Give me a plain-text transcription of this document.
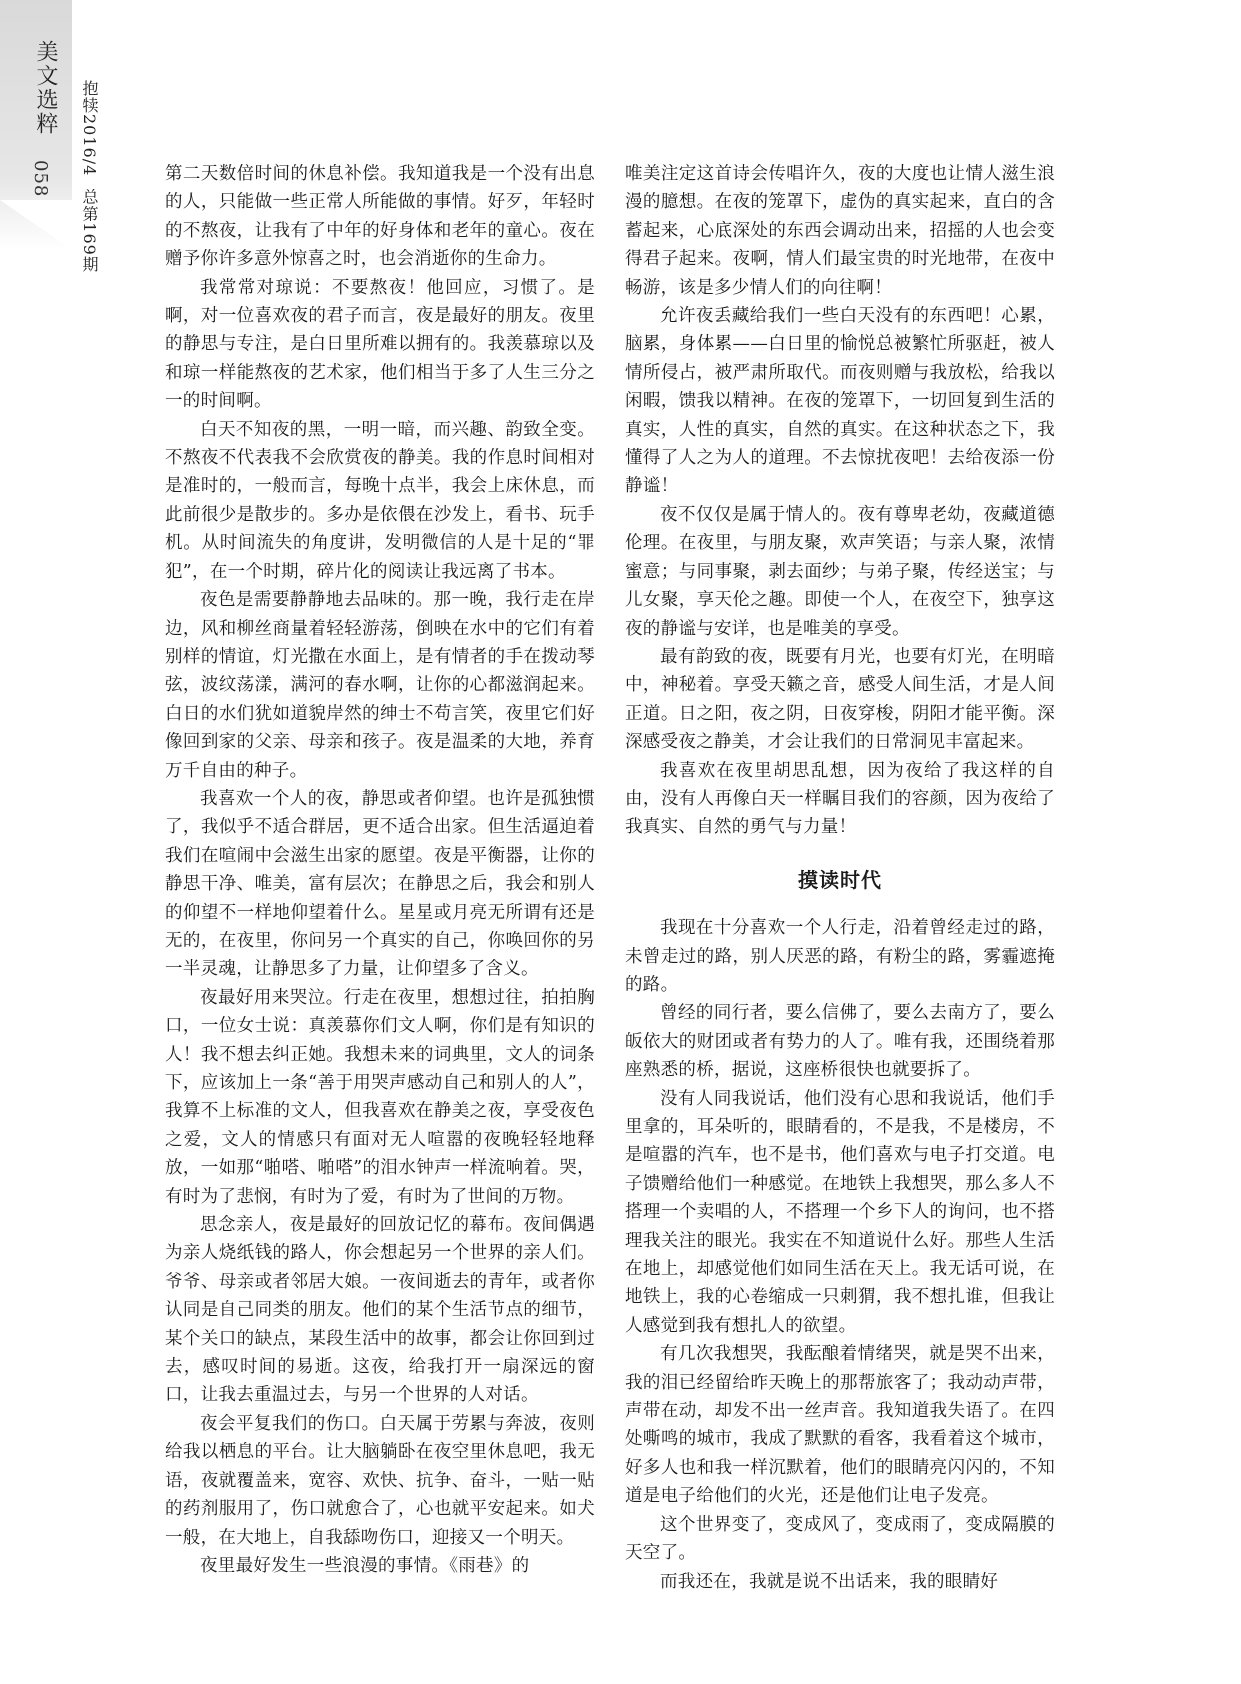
美文选粹
058
抱犊2016/4总第169期

第二天数倍时间的休息补偿。我知道我是一个没有出息的人，只能做一些正常人所能做的事情。好歹，年轻时的不熬夜，让我有了中年的好身体和老年的童心。夜在赠予你许多意外惊喜之时，也会消逝你的生命力。

我常常对琼说：不要熬夜！他回应，习惯了。是啊，对一位喜欢夜的君子而言，夜是最好的朋友。夜里的静思与专注，是白日里所难以拥有的。我羡慕琼以及和琼一样能熬夜的艺术家，他们相当于多了人生三分之一的时间啊。

白天不知夜的黑，一明一暗，而兴趣、韵致全变。不熬夜不代表我不会欣赏夜的静美。我的作息时间相对是准时的，一般而言，每晚十点半，我会上床休息，而此前很少是散步的。多办是依偎在沙发上，看书、玩手机。从时间流失的角度讲，发明微信的人是十足的“罪犯”，在一个时期，碎片化的阅读让我远离了书本。

夜色是需要静静地去品味的。那一晚，我行走在岸边，风和柳丝商量着轻轻游荡，倒映在水中的它们有着别样的情谊，灯光撒在水面上，是有情者的手在拨动琴弦，波纹荡漾，满河的春水啊，让你的心都滋润起来。白日的水们犹如道貌岸然的绅士不苟言笑，夜里它们好像回到家的父亲、母亲和孩子。夜是温柔的大地，养育万千自由的种子。

我喜欢一个人的夜，静思或者仰望。也许是孤独惯了，我似乎不适合群居，更不适合出家。但生活逼迫着我们在喧闹中会滋生出家的愿望。夜是平衡器，让你的静思干净、唯美，富有层次；在静思之后，我会和别人的仰望不一样地仰望着什么。星星或月亮无所谓有还是无的，在夜里，你问另一个真实的自己，你唤回你的另一半灵魂，让静思多了力量，让仰望多了含义。

夜最好用来哭泣。行走在夜里，想想过往，拍拍胸口，一位女士说：真羡慕你们文人啊，你们是有知识的人！我不想去纠正她。我想未来的词典里，文人的词条下，应该加上一条“善于用哭声感动自己和别人的人”，我算不上标准的文人，但我喜欢在静美之夜，享受夜色之爱，文人的情感只有面对无人喧嚣的夜晚轻轻地释放，一如那“啪嗒、啪嗒”的泪水钟声一样流响着。哭，有时为了悲悯，有时为了爱，有时为了世间的万物。

思念亲人，夜是最好的回放记忆的幕布。夜间偶遇为亲人烧纸钱的路人，你会想起另一个世界的亲人们。爷爷、母亲或者邻居大娘。一夜间逝去的青年，或者你认同是自己同类的朋友。他们的某个生活节点的细节，某个关口的缺点，某段生活中的故事，都会让你回到过去，感叹时间的易逝。这夜，给我打开一扇深远的窗口，让我去重温过去，与另一个世界的人对话。

夜会平复我们的伤口。白天属于劳累与奔波，夜则给我以栖息的平台。让大脑躺卧在夜空里休息吧，我无语，夜就覆盖来，宽容、欢快、抗争、奋斗，一贴一贴的药剂服用了，伤口就愈合了，心也就平安起来。如犬一般，在大地上，自我舔吻伤口，迎接又一个明天。

夜里最好发生一些浪漫的事情。《雨巷》的

唯美注定这首诗会传唱许久，夜的大度也让情人滋生浪漫的臆想。在夜的笼罩下，虚伪的真实起来，直白的含蓄起来，心底深处的东西会调动出来，招摇的人也会变得君子起来。夜啊，情人们最宝贵的时光地带，在夜中畅游，该是多少情人们的向往啊！

允许夜丢藏给我们一些白天没有的东西吧！心累，脑累，身体累——白日里的愉悦总被繁忙所驱赶，被人情所侵占，被严肃所取代。而夜则赠与我放松，给我以闲暇，馈我以精神。在夜的笼罩下，一切回复到生活的真实，人性的真实，自然的真实。在这种状态之下，我懂得了人之为人的道理。不去惊扰夜吧！去给夜添一份静谧！

夜不仅仅是属于情人的。夜有尊卑老幼，夜藏道德伦理。在夜里，与朋友聚，欢声笑语；与亲人聚，浓情蜜意；与同事聚，剥去面纱；与弟子聚，传经送宝；与儿女聚，享天伦之趣。即使一个人，在夜空下，独享这夜的静谧与安详，也是唯美的享受。

最有韵致的夜，既要有月光，也要有灯光，在明暗中，神秘着。享受天籁之音，感受人间生活，才是人间正道。日之阳，夜之阴，日夜穿梭，阴阳才能平衡。深深感受夜之静美，才会让我们的日常洞见丰富起来。

我喜欢在夜里胡思乱想，因为夜给了我这样的自由，没有人再像白天一样瞩目我们的容颜，因为夜给了我真实、自然的勇气与力量！

摸读时代

我现在十分喜欢一个人行走，沿着曾经走过的路，未曾走过的路，别人厌恶的路，有粉尘的路，雾霾遮掩的路。

曾经的同行者，要么信佛了，要么去南方了，要么皈依大的财团或者有势力的人了。唯有我，还围绕着那座熟悉的桥，据说，这座桥很快也就要拆了。

没有人同我说话，他们没有心思和我说话，他们手里拿的，耳朵听的，眼睛看的，不是我，不是楼房，不是喧嚣的汽车，也不是书，他们喜欢与电子打交道。电子馈赠给他们一种感觉。在地铁上我想哭，那么多人不搭理一个卖唱的人，不搭理一个乡下人的询问，也不搭理我关注的眼光。我实在不知道说什么好。那些人生活在地上，却感觉他们如同生活在天上。我无话可说，在地铁上，我的心卷缩成一只刺猬，我不想扎谁，但我让人感觉到我有想扎人的欲望。

有几次我想哭，我酝酿着情绪哭，就是哭不出来，我的泪已经留给昨天晚上的那帮旅客了；我动动声带，声带在动，却发不出一丝声音。我知道我失语了。在四处嘶鸣的城市，我成了默默的看客，我看着这个城市，好多人也和我一样沉默着，他们的眼睛亮闪闪的，不知道是电子给他们的火光，还是他们让电子发亮。

这个世界变了，变成风了，变成雨了，变成隔膜的天空了。

而我还在，我就是说不出话来，我的眼睛好
